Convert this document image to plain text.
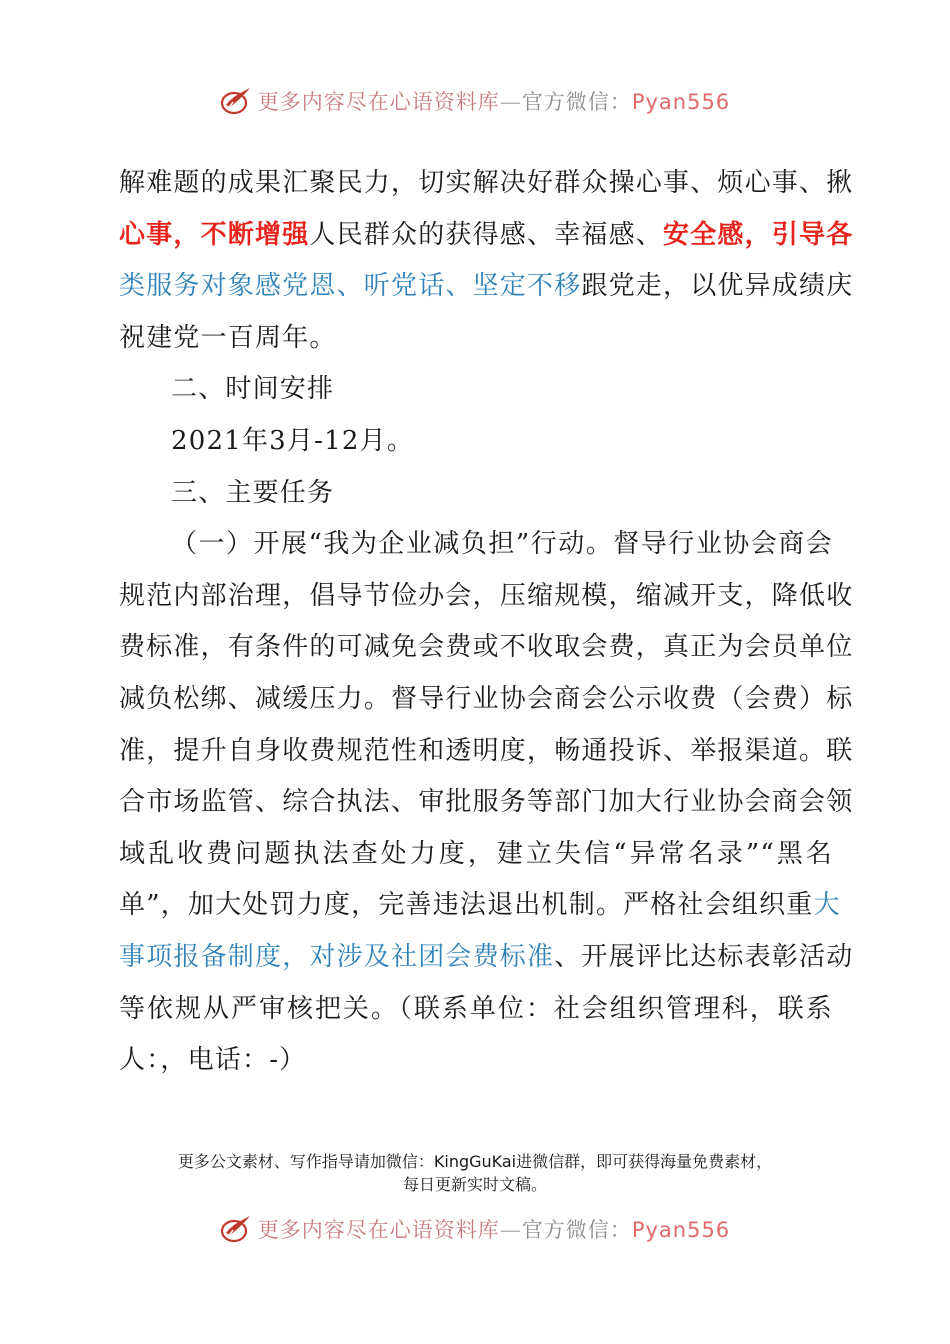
更多内容尽在心语资料库—官方微信：Pyan556
解难题的成果汇聚民力，切实解决好群众操心事、烦心事、揪
心事，不断增强人民群众的获得感、幸福感、安全感，引导各
类服务对象感党恩、听党话、坚定不移跟党走，以优异成绩庆
祝建党一百周年。
二、时间安排
2021年3月-12月。
三、主要任务
（一）开展“我为企业减负担”行动。督导行业协会商会
规范内部治理，倡导节俭办会，压缩规模，缩减开支，降低收
费标准，有条件的可减免会费或不收取会费，真正为会员单位
减负松绑、减缓压力。督导行业协会商会公示收费（会费）标
准，提升自身收费规范性和透明度，畅通投诉、举报渠道。联
合市场监管、综合执法、审批服务等部门加大行业协会商会领
域乱收费问题执法查处力度，建立失信“异常名录”“黑名
单”，加大处罚力度，完善违法退出机制。严格社会组织重大
事项报备制度，对涉及社团会费标准、开展评比达标表彰活动
等依规从严审核把关。（联系单位：社会组织管理科，联系
人：，电话：-）
更多公文素材、写作指导请加微信：KingGuKai进微信群，即可获得海量免费素材，
每日更新实时文稿。
更多内容尽在心语资料库—官方微信：Pyan556
